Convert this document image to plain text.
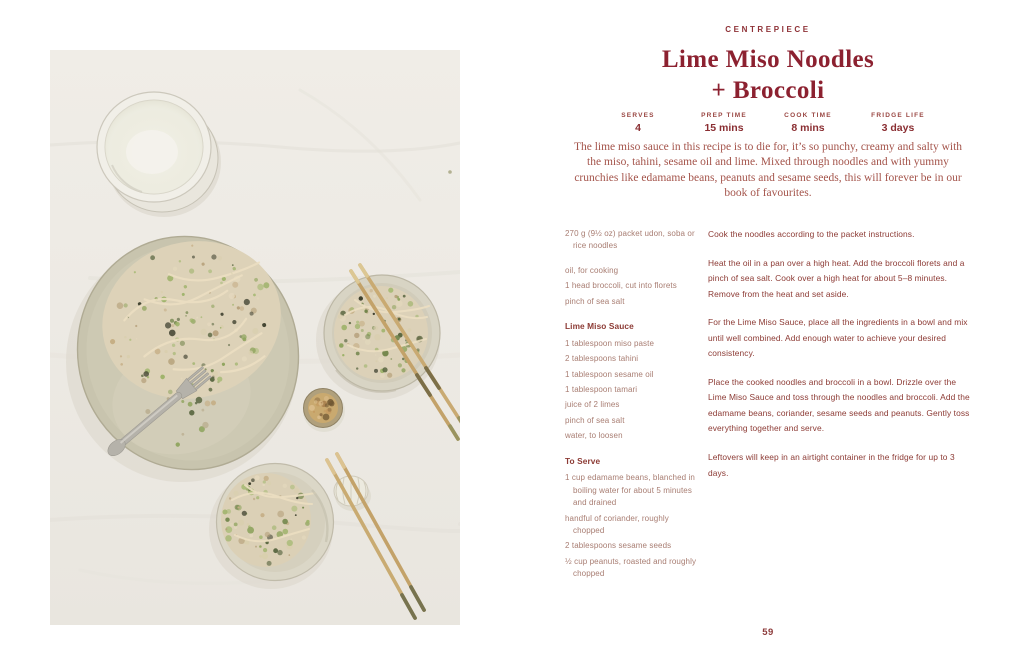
CENTREPIECE
Lime Miso Noodles
+ Broccoli
SERVES
4
PREP TIME
15 mins
COOK TIME
8 mins
FRIDGE LIFE
3 days
The lime miso sauce in this recipe is to die for, it’s so punchy, creamy and salty with the miso, tahini, sesame oil and lime. Mixed through noodles and with yummy crunchies like edamame beans, peanuts and sesame seeds, this will forever be in our book of favourites.
270 g (9½ oz) packet udon, soba or rice noodles
oil, for cooking
1 head broccoli, cut into florets
pinch of sea salt
Lime Miso Sauce
1 tablespoon miso paste
2 tablespoons tahini
1 tablespoon sesame oil
1 tablespoon tamari
juice of 2 limes
pinch of sea salt
water, to loosen
To Serve
1 cup edamame beans, blanched in boiling water for about 5 minutes and drained
handful of coriander, roughly chopped
2 tablespoons sesame seeds
½ cup peanuts, roasted and roughly chopped

Cook the noodles according to the packet instructions.

Heat the oil in a pan over a high heat. Add the broccoli florets and a pinch of sea salt. Cook over a high heat for about 5–8 minutes. Remove from the heat and set aside.

For the Lime Miso Sauce, place all the ingredients in a bowl and mix until well combined. Add enough water to achieve your desired consistency.

Place the cooked noodles and broccoli in a bowl. Drizzle over the Lime Miso Sauce and toss through the noodles and broccoli. Add the edamame beans, coriander, sesame seeds and peanuts. Gently toss everything together and serve.

Leftovers will keep in an airtight container in the fridge for up to 3 days.

59
